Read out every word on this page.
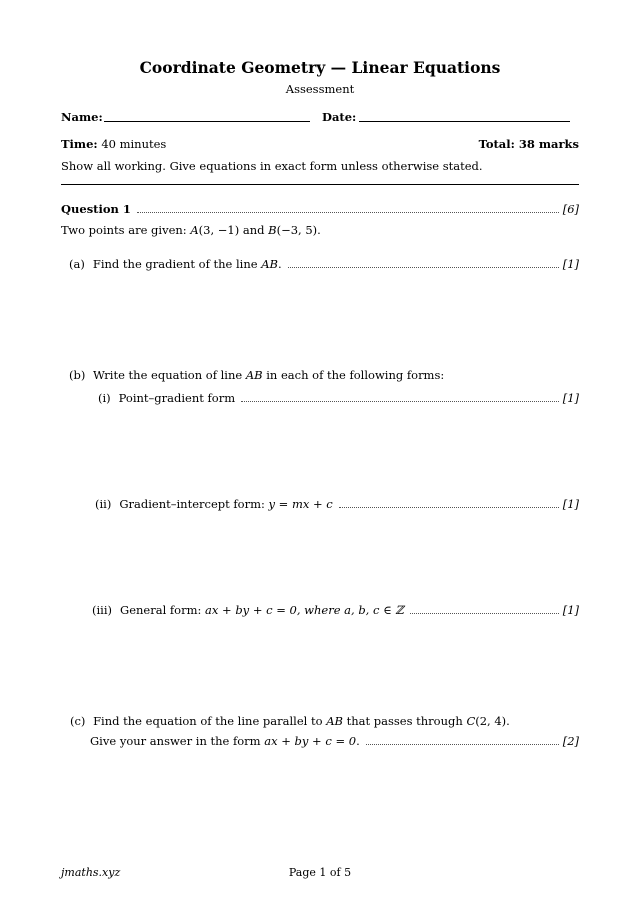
Coordinate Geometry — Linear Equations
Assessment
Name:	Date:
Time: 40 minutes	Total: 38 marks
Show all working. Give equations in exact form unless otherwise stated.
Question 1	[6]
Two points are given: A(3, −1) and B(−3, 5).
(a) Find the gradient of the line AB.	[1]
(b) Write the equation of line AB in each of the following forms:
(i) Point–gradient form	[1]
(ii) Gradient–intercept form: y = mx + c	[1]
(iii) General form: ax + by + c = 0, where a, b, c ∈ ℤ	[1]
(c) Find the equation of the line parallel to AB that passes through C(2, 4).
Give your answer in the form ax + by + c = 0.	[2]
jmaths.xyz	Page 1 of 5
